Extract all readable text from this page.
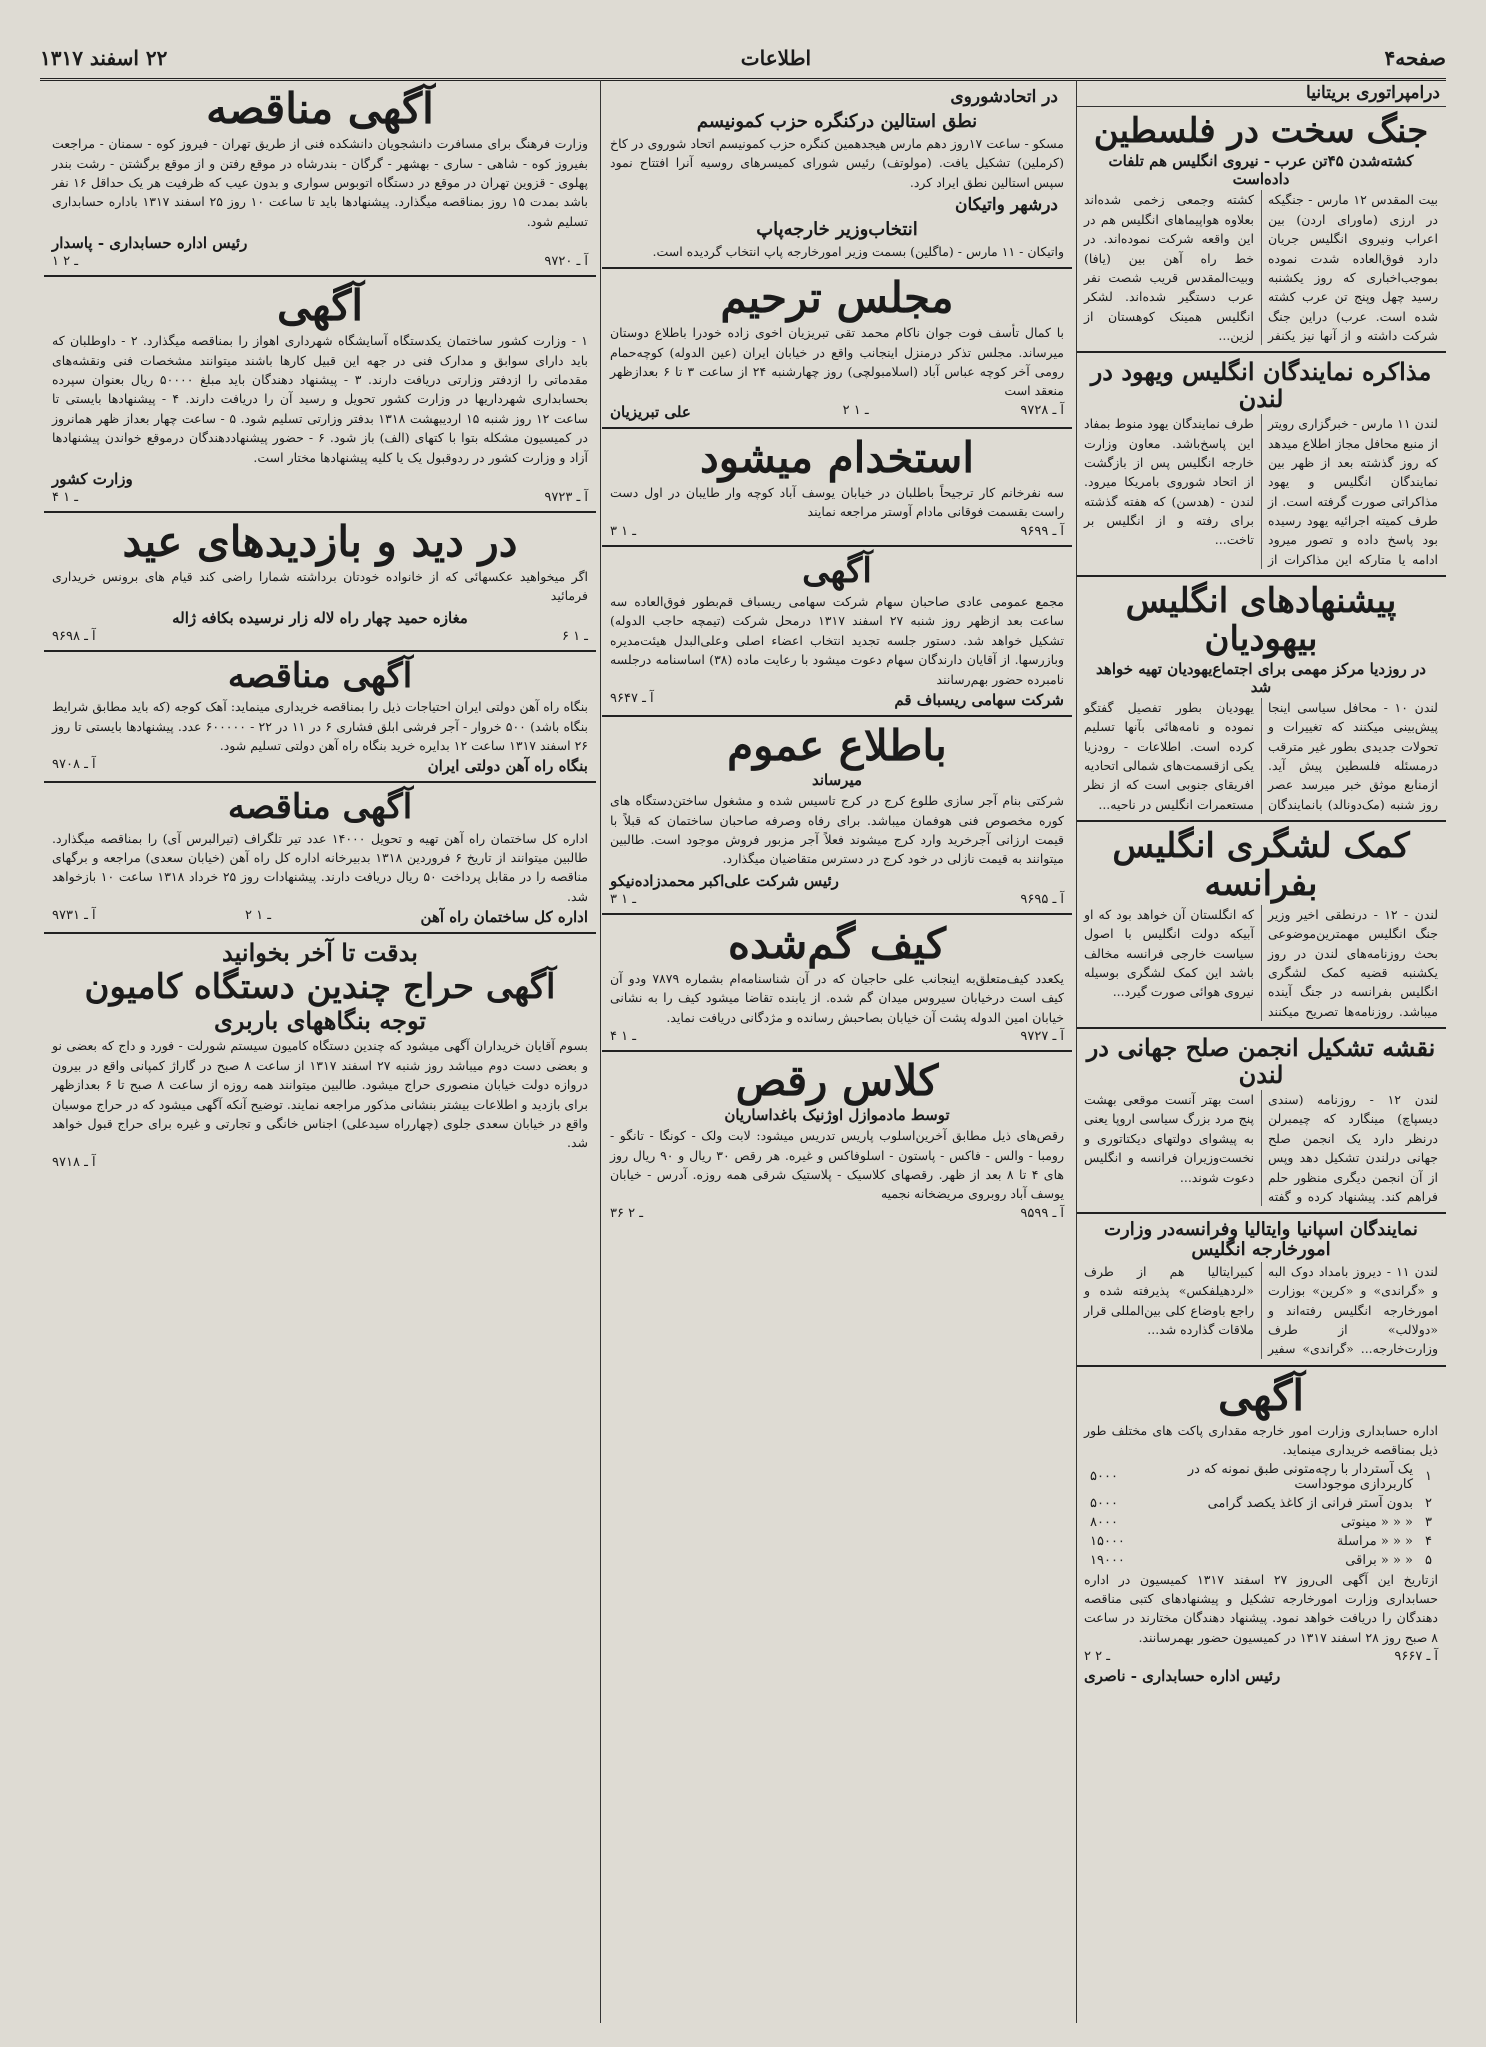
صفحه۴
اطلاعات
۲۲ اسفند ۱۳۱۷
درامپراتوری بریتانیا
جنگ سخت در فلسطین
کشته‌شدن ۴۵تن عرب - نیروی انگلیس هم تلفات داده‌است
بیت المقدس ۱۲ مارس - جنگیکه در ارزی (ماورای اردن) بین اعراب ونیروی انگلیس جریان دارد فوق‌العاده شدت نموده بموجب‌اخباری که روز یکشنبه رسید چهل وپنج تن عرب کشته شده است. عرب) دراین جنگ شرکت داشته و از آنها نیز یکنفر کشته وجمعی زخمی شده‌اند بعلاوه هواپیماهای انگلیس هم در این واقعه شرکت نموده‌اند. در خط راه آهن بین (یافا) وبیت‌المقدس قریب شصت نفر عرب دستگیر شده‌اند. لشکر انگلیس همینک کوهستان از لزین...
مذاکره نمایندگان انگلیس ویهود در لندن
لندن ۱۱ مارس - خبرگزاری رویتر از منبع محافل مجاز اطلاع میدهد که روز گذشته بعد از ظهر بین نمایندگان انگلیس و یهود مذاکراتی صورت گرفته است. از طرف کمیته اجرائیه یهود رسیده بود پاسخ داده و تصور میرود ادامه یا متارکه این مذاکرات از طرف نمایندگان یهود منوط بمفاد این پاسخ‌باشد. معاون وزارت خارجه انگلیس پس از بازگشت از اتحاد شوروی بامریکا میرود. لندن - (هدسن) که هفته گذشته برای رفته و از انگلیس بر تاخت...
پیشنهادهای انگلیس بیهودیان
در روزدیا مرکز مهمی برای اجتماع‌یهودیان تهیه خواهد شد
لندن ۱۰ - محافل سیاسی اینجا پیش‌بینی میکنند که تغییرات و تحولات جدیدی بطور غیر مترقب درمسئله فلسطین پیش آید. ازمنابع موثق خبر میرسد عصر روز شنبه (مک‌دونالد) بانمایندگان یهودیان بطور تفصیل گفتگو نموده و نامه‌هائی بآنها تسلیم کرده است. اطلاعات - رودزیا یکی ازقسمت‌های شمالی اتحادیه افریقای جنوبی است که از نظر مستعمرات انگلیس در ناحیه...
کمک لشگری انگلیس بفرانسه
لندن - ۱۲ - درنطقی اخیر وزیر جنگ انگلیس مهمترین‌موضوعی بحث روزنامه‌های لندن در روز یکشنبه قضیه کمک لشگری انگلیس بفرانسه در جنگ آینده میباشد. روزنامه‌ها تصریح میکنند که انگلستان آن خواهد بود که او آبیکه دولت انگلیس با اصول سیاست خارجی فرانسه مخالف باشد این کمک لشگری بوسیله نیروی هوائی صورت گیرد...
نقشه تشکیل انجمن صلح جهانی در لندن
لندن ۱۲ - روزنامه (سندی دیسپاچ) مینگارد که چیمبرلن درنظر دارد یک انجمن صلح جهانی درلندن تشکیل دهد وپس از آن انجمن دیگری منظور حلم فراهم کند. پیشنهاد کرده و گفته است بهتر آنست‌ موقعی بهشت پنج مرد بزرگ سیاسی اروپا یعنی به پیشوای دولتهای دیکتاتوری و نخست‌وزیران فرانسه و انگلیس دعوت شوند...
نمایندگان اسپانیا وایتالیا وفرانسه‌در وزارت امورخارجه انگلیس
لندن ۱۱ - دیروز بامداد دوک البه و «گراندی» و «کرین» بوزارت امورخارجه انگلیس رفته‌اند و «دولالب» از طرف وزارت‌خارجه... «گراندی» سفیر کبیرایتالیا هم از طرف «لردهیلفکس» پذیرفته شده و راجع باوضاع کلی بین‌المللی قرار ملاقات گذارده شد...
آگهی
اداره حسابداری وزارت امور خارجه مقداری پاکت های مختلف طور ذیل بمناقصه خریداری مینماید.
۱	یک آستردار با رچه‌متونی طبق نمونه که در کاربردازی موجوداست	۵۰۰۰
۲	بدون آستر فرانی از کاغذ یکصد گرامی	۵۰۰۰
۳	« « « مینوتی	۸۰۰۰
۴	« « « مراسلة	۱۵۰۰۰
۵	« « « براقی	۱۹۰۰۰
ازتاریخ این آگهی الی‌روز ۲۷ اسفند ۱۳۱۷ کمیسیون در اداره حسابداری وزارت امورخارجه تشکیل و پیشنهادهای کتبی مناقصه دهندگان را دریافت خواهد نمود. پیشنهاد دهندگان مختارند در ساعت ۸ صبح روز ۲۸ اسفند ۱۳۱۷ در کمیسیون حضور بهمرسانند.
۲ ـ ۲	آ ـ ۹۶۶۷
رئیس اداره حسابداری - ناصری
در اتحادشوروی
نطق استالین درکنگره حزب کمونیسم
مسکو - ساعت ۱۷روز دهم مارس هیجدهمین کنگره حزب کمونیسم اتحاد شوروی در کاخ (کرملین) تشکیل یافت. (مولوتف) رئیس شورای کمیسرهای روسیه آنرا افتتاح نمود سپس استالین نطق ایراد کرد.
درشهر واتیکان
انتخاب‌وزیر خارجه‌پاپ
واتیکان - ۱۱ مارس - (ماگلین) بسمت وزیر امورخارجه پاپ انتخاب گردیده است.
مجلس ترحیم
با کمال تأسف فوت جوان ناکام محمد تقی تبریزیان اخوی زاده خودرا باطلاع دوستان میرساند. مجلس تذکر درمنزل اینجانب واقع در خیابان ایران (عین الدوله) کوچه‌حمام رومی آخر کوچه عباس آباد (اسلامبولچی) روز چهارشنبه ۲۴ از ساعت ۳ تا ۶ بعدازظهر منعقد است
علی تبریزیان	۲ ـ ۱	آ ـ ۹۷۲۸
استخدام میشود
سه نفرخانم کار ترجیحاً باطلبان در خیابان یوسف آباد کوچه وار طایبان در اول دست راست بقسمت فوقانی مادام آوستر مراجعه نمایند
۳ ـ ۱	آ ـ ۹۶۹۹
آگهی
مجمع عمومی عادی صاحبان سهام شرکت سهامی ریسباف قم‌بطور فوق‌العاده سه ساعت بعد ازظهر روز شنبه ۲۷ اسفند ۱۳۱۷ درمحل شرکت (تیمچه حاجب الدوله) تشکیل خواهد شد. دستور جلسه تجدید انتخاب اعضاء اصلی وعلی‌البدل هیئت‌مدیره وبازرسها. از آقایان دارندگان سهام دعوت میشود با رعایت ماده (۳۸) اساسنامه درجلسه نامبرده حضور بهم‌رسانند
آ ـ ۹۶۴۷	شرکت سهامی ریسباف قم
باطلاع عموم
میرساند
شرکتی بنام آجر سازی طلوع کرج در کرج تاسیس شده و مشغول ساختن‌دستگاه های کوره مخصوص فنی هوفمان میباشد. برای رفاه وصرفه صاحبان ساختمان که قبلاً با قیمت ارزانی آجرخرید وارد کرج میشوند فعلاً آجر مزبور فروش موجود است. طالبین میتوانند به قیمت نازلی در خود کرج در دسترس متقاضیان میگذارد.
رئیس شرکت علی‌اکبر محمدزاده‌نیکو
۳ ـ ۱	آ ـ ۹۶۹۵
کیف گم‌شده
یکعدد کیف‌متعلق‌به اینجانب علی حاجیان که در آن شناسنامه‌ام بشماره ۷۸۷۹ ودو آن کیف است درخیابان سیروس میدان گم شده. از یابنده تقاضا میشود کیف را به نشانی خیابان امین الدوله پشت آن خیابان بصاحبش رسانده و مژدگانی دریافت نماید.
۴ ـ ۱	آ ـ ۹۷۲۷
کلاس رقص
توسط مادموازل اوژنیک باغداساریان
رقص‌های ذیل مطابق آخرین‌اسلوب پاریس تدریس میشود: لابت ولک - کونگا - تانگو - رومبا - والس - فاکس - پاستون - اسلوفاکس و غیره. هر رقص ۳۰ ریال و ۹۰ ریال روز های ۴ تا ۸ بعد از ظهر. رقصهای کلاسیک - پلاستیک شرقی همه روزه. آدرس - خیابان یوسف آباد روبروی مریضخانه نجمیه
۳۶ ـ ۲	آ ـ ۹۵۹۹
آگهی مناقصه
وزارت فرهنگ برای مسافرت دانشجویان دانشکده فنی از طریق تهران - فیروز کوه - سمنان - مراجعت بفیروز کوه - شاهی - ساری - بهشهر - گرگان - بندرشاه در موقع رفتن و از موقع برگشتن - رشت بندر پهلوی - قزوین تهران در موقع در دستگاه اتوبوس سواری و بدون عیب که ظرفیت هر یک حداقل ۱۶ نفر باشد بمدت ۱۵ روز بمناقصه میگذارد. پیشنهادها باید تا ساعت ۱۰ روز ۲۵ اسفند ۱۳۱۷ باداره حسابداری تسلیم شود.
رئیس اداره حسابداری - پاسدار
۱ ـ ۲	آ ـ ۹۷۲۰
آگهی
۱ - وزارت کشور ساختمان یکدستگاه آسایشگاه شهرداری اهواز را بمناقصه میگذارد. ۲ - داوطلبان که باید دارای سوابق و مدارک فنی در جهه این قبیل کارها باشند میتوانند مشخصات فنی ونقشه‌های مقدماتی را ازدفتر وزارتی دریافت دارند. ۳ - پیشنهاد دهندگان باید مبلغ ۵۰۰۰۰ ریال بعنوان سپرده بحسابداری شهرداریها در وزارت کشور تحویل و رسید آن را دریافت دارند. ۴ - پیشنهادها بایستی تا ساعت ۱۲ روز شنبه ۱۵ اردیبهشت ۱۳۱۸ بدفتر وزارتی تسلیم شود. ۵ - ساعت چهار بعداز ظهر همانروز در کمیسیون مشکله بتوا با کتهای (الف) باز شود. ۶ - حضور پیشنهاددهندگان درموقع خواندن پیشنهادها آزاد و وزارت کشور در ردوقبول یک یا کلیه پیشنهادها مختار است.
وزارت کشور
۴ ـ ۱	آ ـ ۹۷۲۳
در دید و بازدیدهای عید
اگر میخواهید عکسهائی که از خانواده خودتان برداشته شمارا راضی کند قیام های برونس خریداری فرمائید
مغازه حمید چهار راه لاله زار نرسیده بکافه ژاله
آ ـ ۹۶۹۸	۶ ـ ۱
آگهی مناقصه
بنگاه راه آهن دولتی ایران احتیاجات ذیل را بمناقصه خریداری مینماید: آهک کوجه (که باید مطابق شرایط بنگاه باشد) ۵۰۰ خروار - آجر فرشی ابلق فشاری ۶ در ۱۱ در ۲۲ - ۶۰۰۰۰۰ عدد. پیشنهادها بایستی تا روز ۲۶ اسفند ۱۳۱۷ ساعت ۱۲ بدایره خرید بنگاه راه آهن دولتی تسلیم شود.
آ ـ ۹۷۰۸	بنگاه راه آهن دولتی ایران
آگهی مناقصه
اداره کل ساختمان راه آهن تهیه و تحویل ۱۴۰۰۰ عدد تیر تلگراف (تیرالبرس آی) را بمناقصه میگذارد. طالبین میتوانند از تاریخ ۶ فروردین ۱۳۱۸ بدبیرخانه اداره کل راه آهن (خیابان سعدی) مراجعه و برگهای مناقصه را در مقابل پرداخت ۵۰ ریال دریافت دارند. پیشنهادات روز ۲۵ خرداد ۱۳۱۸ ساعت ۱۰ بازخواهد شد.
آ ـ ۹۷۳۱	۲ ـ ۱	اداره کل ساختمان راه آهن
بدقت تا آخر بخوانید
آگهی حراج چندین دستگاه کامیون
توجه بنگاههای باربری
بسوم آقایان خریداران آگهی میشود که چندین دستگاه کامیون سیستم شورلت - فورد و داج که بعضی نو و بعضی دست دوم میباشد روز شنبه ۲۷ اسفند ۱۳۱۷ از ساعت ۸ صبح در گاراژ کمپانی واقع در بیرون دروازه دولت خیابان منصوری حراج میشود. طالبین میتوانند همه روزه از ساعت ۸ صبح تا ۶ بعدازظهر برای بازدید و اطلاعات بیشتر بنشانی مذکور مراجعه نمایند. توضیح آنکه آگهی میشود که در حراج موسیان واقع در خیابان سعدی جلوی (چهارراه سیدعلی) اجناس خانگی و تجارتی و غیره برای حراج قبول خواهد شد.
آ ـ ۹۷۱۸
